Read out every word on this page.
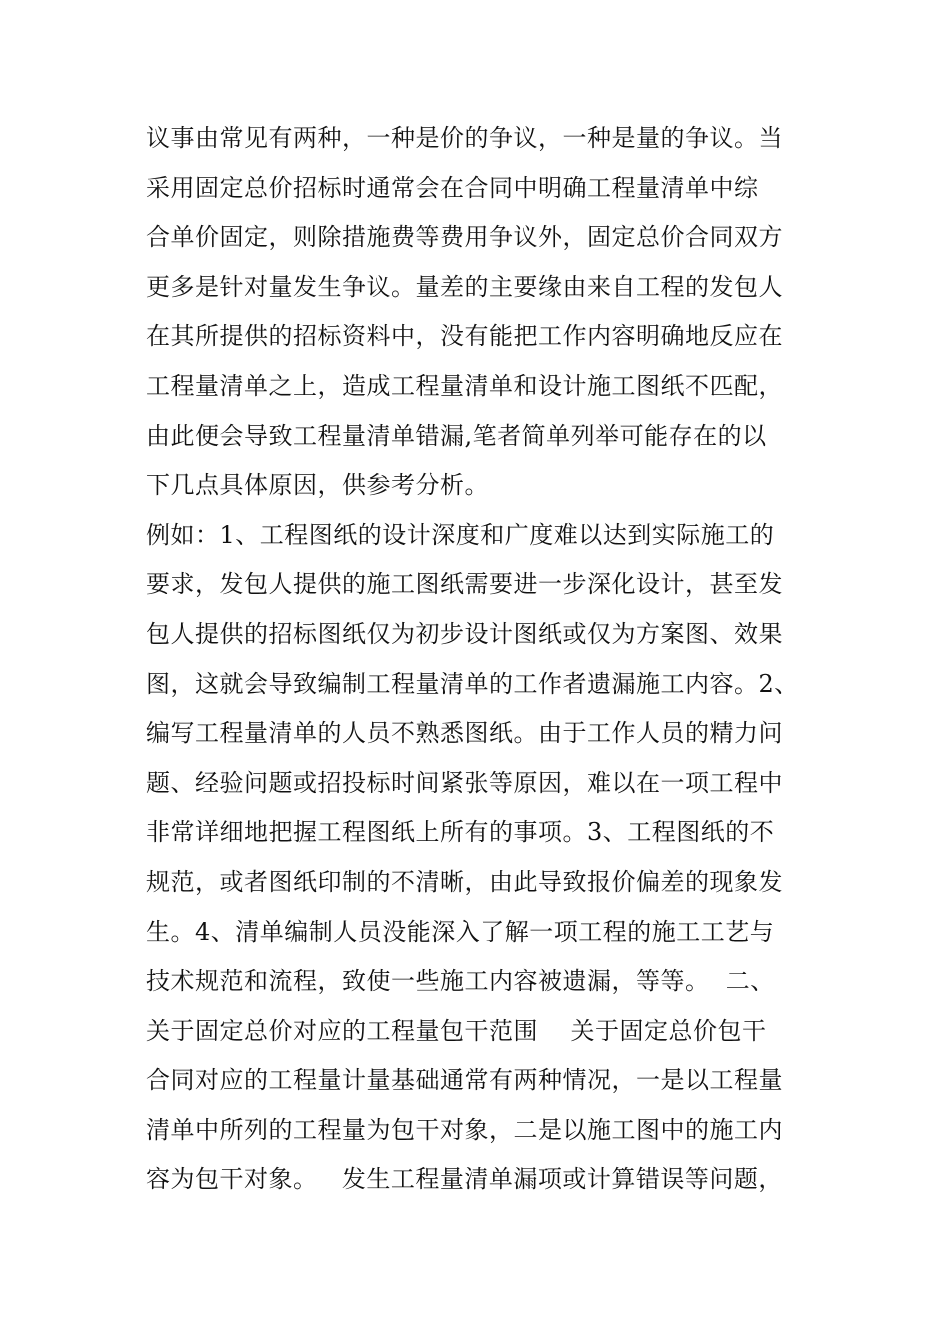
议事由常见有两种，一种是价的争议，一种是量的争议。当
采用固定总价招标时通常会在合同中明确工程量清单中综
合单价固定，则除措施费等费用争议外，固定总价合同双方
更多是针对量发生争议。量差的主要缘由来自工程的发包人
在其所提供的招标资料中，没有能把工作内容明确地反应在
工程量清单之上，造成工程量清单和设计施工图纸不匹配，
由此便会导致工程量清单错漏,笔者简单列举可能存在的以
下几点具体原因，供参考分析。
例如：1、工程图纸的设计深度和广度难以达到实际施工的
要求，发包人提供的施工图纸需要进一步深化设计，甚至发
包人提供的招标图纸仅为初步设计图纸或仅为方案图、效果
图，这就会导致编制工程量清单的工作者遗漏施工内容。2、
编写工程量清单的人员不熟悉图纸。由于工作人员的精力问
题、经验问题或招投标时间紧张等原因，难以在一项工程中
非常详细地把握工程图纸上所有的事项。3、工程图纸的不
规范，或者图纸印制的不清晰，由此导致报价偏差的现象发
生。4、清单编制人员没能深入了解一项工程的施工工艺与
技术规范和流程，致使一些施工内容被遗漏，等等。  二、
关于固定总价对应的工程量包干范围    关于固定总价包干
合同对应的工程量计量基础通常有两种情况，一是以工程量
清单中所列的工程量为包干对象，二是以施工图中的施工内
容为包干对象。   发生工程量清单漏项或计算错误等问题，
